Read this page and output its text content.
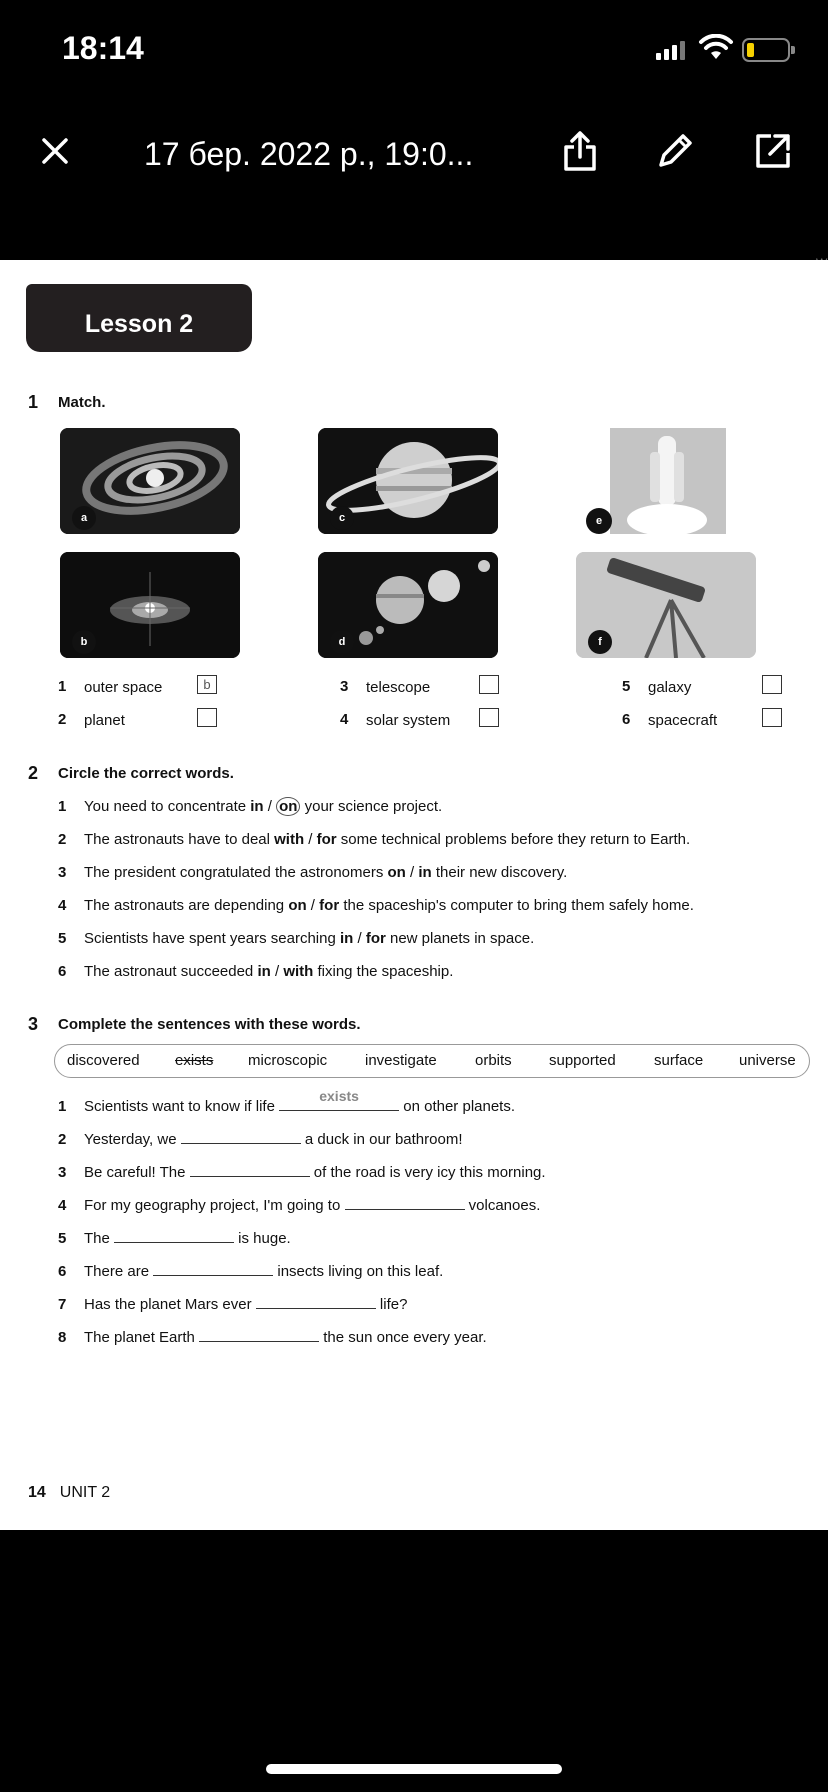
18:14
17 бер. 2022 р., 19:0...
Lesson 2
1 Match.
a	c	e
b	d	f
1 outer space	b
2 planet
3 telescope
4 solar system
5 galaxy
6 spacecraft
2 Circle the correct words.
1 You need to concentrate in / on your science project.
2 The astronauts have to deal with / for some technical problems before they return to Earth.
3 The president congratulated the astronomers on / in their new discovery.
4 The astronauts are depending on / for the spaceship's computer to bring them safely home.
5 Scientists have spent years searching in / for new planets in space.
6 The astronaut succeeded in / with fixing the spaceship.
3 Complete the sentences with these words.
discovered exists microscopic	investigate	orbits supported	surface universe
1 Scientists want to know if life
exists
on other planets.
2 Yesterday, we	a duck in our bathroom!
3 Be careful! The	of the road is very icy this morning.
4 For my geography project, I'm going to	volcanoes.
5 The	is huge.
6 There are	insects living on this leaf.
7 Has the planet Mars ever	life?
8 The planet Earth	the sun once every year.
14 UNIT 2
